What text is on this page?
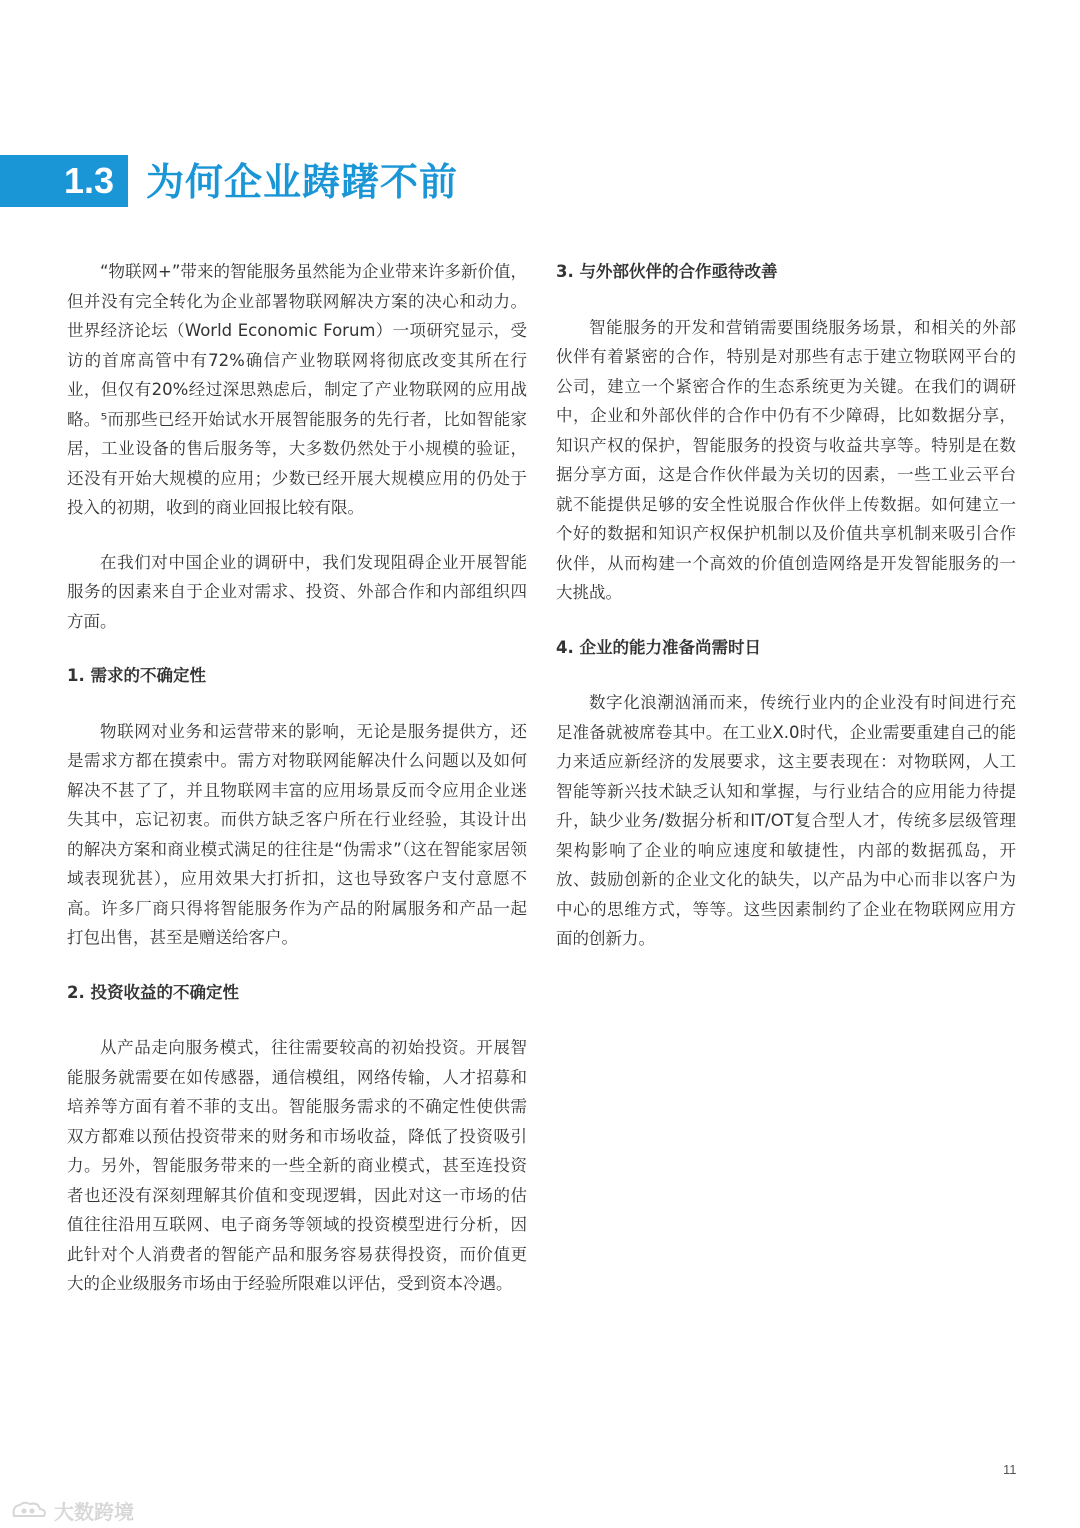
1.3 为何企业踌躇不前

“物联网+”带来的智能服务虽然能为企业带来许多新价值，但并没有完全转化为企业部署物联网解决方案的决心和动力。世界经济论坛（World Economic Forum）一项研究显示，受访的首席高管中有72%确信产业物联网将彻底改变其所在行业，但仅有20%经过深思熟虑后，制定了产业物联网的应用战略。⁵而那些已经开始试水开展智能服务的先行者，比如智能家居，工业设备的售后服务等，大多数仍然处于小规模的验证，还没有开始大规模的应用；少数已经开展大规模应用的仍处于投入的初期，收到的商业回报比较有限。

在我们对中国企业的调研中，我们发现阻碍企业开展智能服务的因素来自于企业对需求、投资、外部合作和内部组织四方面。

1. 需求的不确定性

物联网对业务和运营带来的影响，无论是服务提供方，还是需求方都在摸索中。需方对物联网能解决什么问题以及如何解决不甚了了，并且物联网丰富的应用场景反而令应用企业迷失其中，忘记初衷。而供方缺乏客户所在行业经验，其设计出的解决方案和商业模式满足的往往是“伪需求”（这在智能家居领域表现犹甚），应用效果大打折扣，这也导致客户支付意愿不高。许多厂商只得将智能服务作为产品的附属服务和产品一起打包出售，甚至是赠送给客户。

2. 投资收益的不确定性

从产品走向服务模式，往往需要较高的初始投资。开展智能服务就需要在如传感器，通信模组，网络传输，人才招募和培养等方面有着不菲的支出。智能服务需求的不确定性使供需双方都难以预估投资带来的财务和市场收益，降低了投资吸引力。另外，智能服务带来的一些全新的商业模式，甚至连投资者也还没有深刻理解其价值和变现逻辑，因此对这一市场的估值往往沿用互联网、电子商务等领域的投资模型进行分析，因此针对个人消费者的智能产品和服务容易获得投资，而价值更大的企业级服务市场由于经验所限难以评估，受到资本冷遇。

3. 与外部伙伴的合作亟待改善

智能服务的开发和营销需要围绕服务场景，和相关的外部伙伴有着紧密的合作，特别是对那些有志于建立物联网平台的公司，建立一个紧密合作的生态系统更为关键。在我们的调研中，企业和外部伙伴的合作中仍有不少障碍，比如数据分享，知识产权的保护，智能服务的投资与收益共享等。特别是在数据分享方面，这是合作伙伴最为关切的因素，一些工业云平台就不能提供足够的安全性说服合作伙伴上传数据。如何建立一个好的数据和知识产权保护机制以及价值共享机制来吸引合作伙伴，从而构建一个高效的价值创造网络是开发智能服务的一大挑战。

4. 企业的能力准备尚需时日

数字化浪潮汹涌而来，传统行业内的企业没有时间进行充足准备就被席卷其中。在工业X.0时代，企业需要重建自己的能力来适应新经济的发展要求，这主要表现在：对物联网，人工智能等新兴技术缺乏认知和掌握，与行业结合的应用能力待提升，缺少业务/数据分析和IT/OT复合型人才，传统多层级管理架构影响了企业的响应速度和敏捷性，内部的数据孤岛，开放、鼓励创新的企业文化的缺失，以产品为中心而非以客户为中心的思维方式，等等。这些因素制约了企业在物联网应用方面的创新力。

11
大数跨境
